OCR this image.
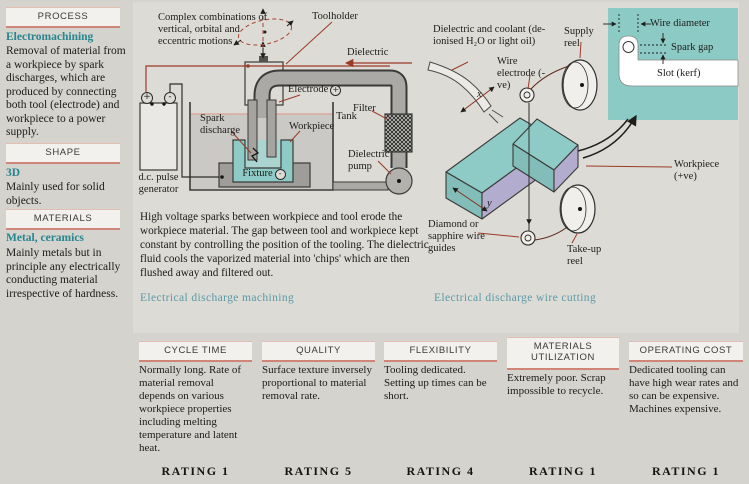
PROCESS
Electromachining
Removal of material from a workpiece by spark discharges, which are produced by connecting both tool (electrode) and workpiece to a power supply.
SHAPE
3D
Mainly used for solid objects.
MATERIALS
Metal, ceramics
Mainly metals but in principle any electrically conducting material irrespective of hardness.
Complex combinations of vertical, orbital and eccentric motions
Toolholder
Dielectric
Electrode +
Filter
Tank
Spark discharge	Workpiece
Fixture -
Dielectric pump
d.c. pulse generator
+	-
High voltage sparks between workpiece and tool erode the workpiece material. The gap between tool and workpiece kept constant by controlling the position of the tooling. The dielectric fluid cools the vaporized material into 'chips' which are then flushed away and filtered out.
Electrical discharge machining
Dielectric and coolant (de-ionised H₂O or light oil)
Supply reel
Wire electrode (-ve)
Wire diameter
Spark gap
Slot (kerf)
Workpiece (+ve)
x
y
Diamond or sapphire wire guides	Take-up reel
Electrical discharge wire cutting
CYCLE TIME
Normally long. Rate of material removal depends on various workpiece properties including melting temperature and latent heat.
RATING 1
QUALITY
Surface texture inversely proportional to material removal rate.
RATING 5
FLEXIBILITY
Tooling dedicated. Setting up times can be short.
RATING 4
MATERIALS UTILIZATION
Extremely poor. Scrap impossible to recycle.
RATING 1
OPERATING COST
Dedicated tooling can have high wear rates and so can be expensive. Machines expensive.
RATING 1
